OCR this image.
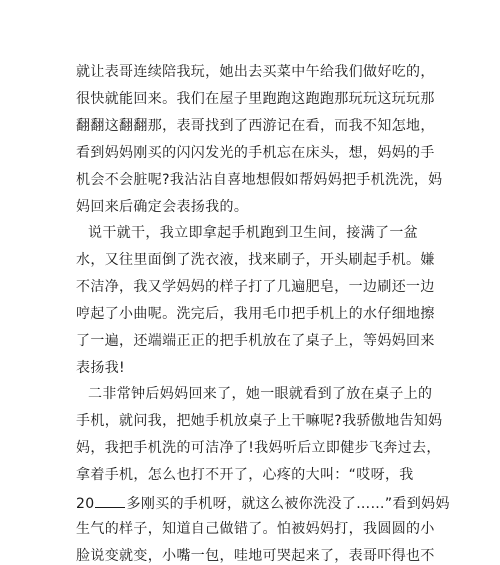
就让表哥连续陪我玩，她出去买菜中午给我们做好吃的，
很快就能回来。我们在屋子里跑跑这跑跑那玩玩这玩玩那
翻翻这翻翻那，表哥找到了西游记在看，而我不知怎地，
看到妈妈刚买的闪闪发光的手机忘在床头，想，妈妈的手
机会不会脏呢?我沾沾自喜地想假如帮妈妈把手机洗洗，妈
妈回来后确定会表扬我的。
说干就干，我立即拿起手机跑到卫生间，接满了一盆
水，又往里面倒了洗衣液，找来刷子，开头刷起手机。嫌
不洁净，我又学妈妈的样子打了几遍肥皂，一边刷还一边
哼起了小曲呢。洗完后，我用毛巾把手机上的水仔细地擦
了一遍，还端端正正的把手机放在了桌子上，等妈妈回来
表扬我!
二非常钟后妈妈回来了，她一眼就看到了放在桌子上的
手机，就问我，把她手机放桌子上干嘛呢?我骄傲地告知妈
妈，我把手机洗的可洁净了!我妈听后立即健步飞奔过去，
拿着手机，怎么也打不开了，心疼的大叫：“哎呀，我
20 多刚买的手机呀，就这么被你洗没了……”看到妈妈
生气的样子，知道自己做错了。怕被妈妈打，我圆圆的小
脸说变就变，小嘴一包，哇地可哭起来了，表哥吓得也不
